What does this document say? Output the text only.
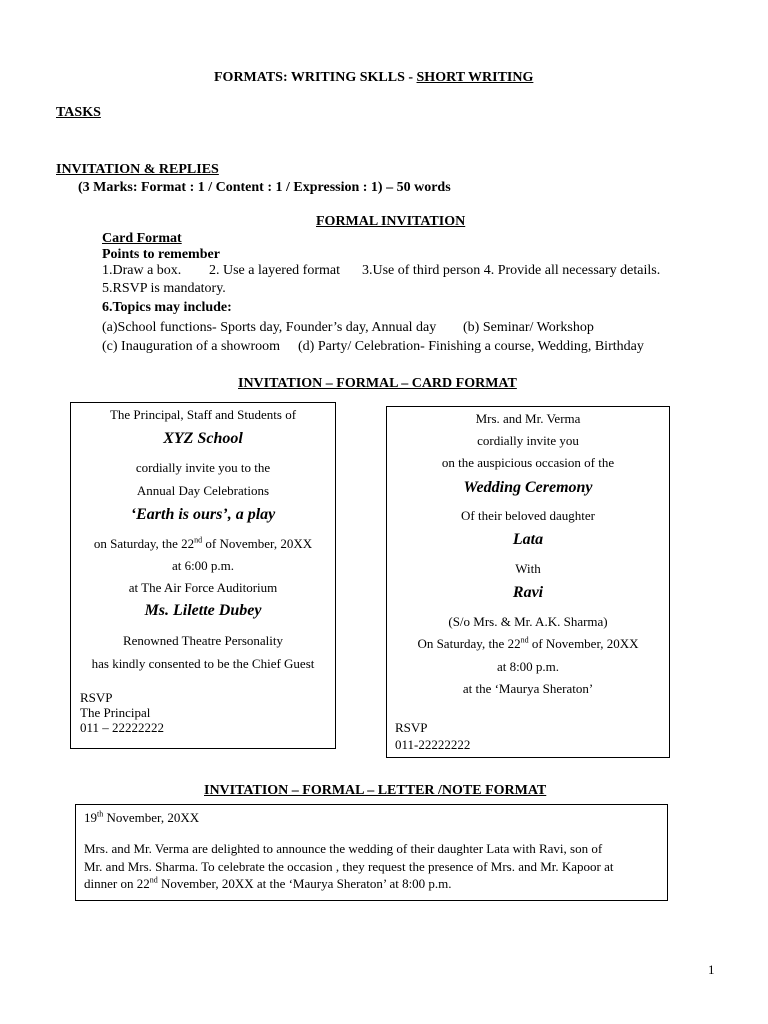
FORMATS: WRITING SKLLS - SHORT WRITING
TASKS
INVITATION & REPLIES
(3 Marks: Format : 1 / Content : 1 / Expression : 1) – 50 words
FORMAL INVITATION
Card Format
Points to remember
1.Draw a box. 2. Use a layered format 3.Use of third person 4. Provide all necessary details.
5.RSVP is mandatory.
6.Topics may include:
(a)School functions- Sports day, Founder’s day, Annual day (b) Seminar/ Workshop
(c) Inauguration of a showroom (d) Party/ Celebration- Finishing a course, Wedding, Birthday
INVITATION – FORMAL – CARD FORMAT
The Principal, Staff and Students of
XYZ School
cordially invite you to the
Annual Day Celebrations
‘Earth is ours’, a play
on Saturday, the 22nd of November, 20XX
at 6:00 p.m.
at The Air Force Auditorium
Ms. Lilette Dubey
Renowned Theatre Personality
has kindly consented to be the Chief Guest
RSVP
The Principal
011 – 22222222
Mrs. and Mr. Verma
cordially invite you
on the auspicious occasion of the
Wedding Ceremony
Of their beloved daughter
Lata
With
Ravi
(S/o Mrs. & Mr. A.K. Sharma)
On Saturday, the 22nd of November, 20XX
at 8:00 p.m.
at the ‘Maurya Sheraton’
RSVP
011-22222222
INVITATION – FORMAL – LETTER /NOTE FORMAT
19th November, 20XX
Mrs. and Mr. Verma are delighted to announce the wedding of their daughter Lata with Ravi, son of
Mr. and Mrs. Sharma. To celebrate the occasion , they request the presence of Mrs. and Mr. Kapoor at
dinner on 22nd November, 20XX at the ‘Maurya Sheraton’ at 8:00 p.m.
1
